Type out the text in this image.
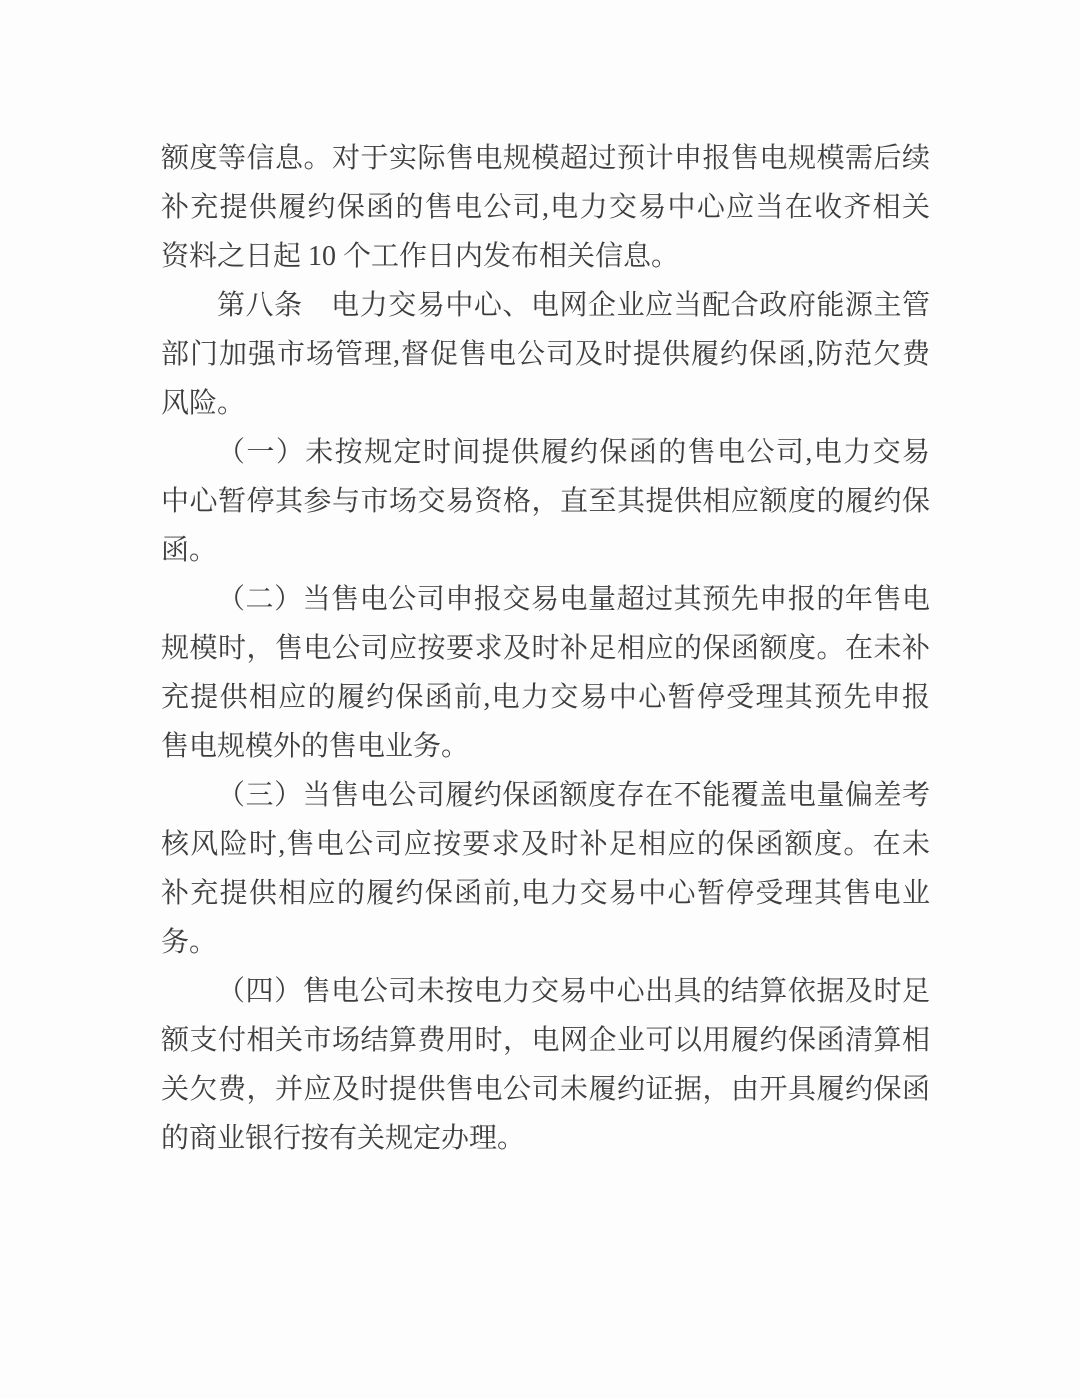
额度等信息。对于实际售电规模超过预计申报售电规模需后续
补充提供履约保函的售电公司,电力交易中心应当在收齐相关
资料之日起 10 个工作日内发布相关信息。
第八条　电力交易中心、电网企业应当配合政府能源主管
部门加强市场管理,督促售电公司及时提供履约保函,防范欠费
风险。
（一）未按规定时间提供履约保函的售电公司,电力交易
中心暂停其参与市场交易资格，直至其提供相应额度的履约保
函。
（二）当售电公司申报交易电量超过其预先申报的年售电
规模时，售电公司应按要求及时补足相应的保函额度。在未补
充提供相应的履约保函前,电力交易中心暂停受理其预先申报
售电规模外的售电业务。
（三）当售电公司履约保函额度存在不能覆盖电量偏差考
核风险时,售电公司应按要求及时补足相应的保函额度。在未
补充提供相应的履约保函前,电力交易中心暂停受理其售电业
务。
（四）售电公司未按电力交易中心出具的结算依据及时足
额支付相关市场结算费用时，电网企业可以用履约保函清算相
关欠费，并应及时提供售电公司未履约证据，由开具履约保函
的商业银行按有关规定办理。
